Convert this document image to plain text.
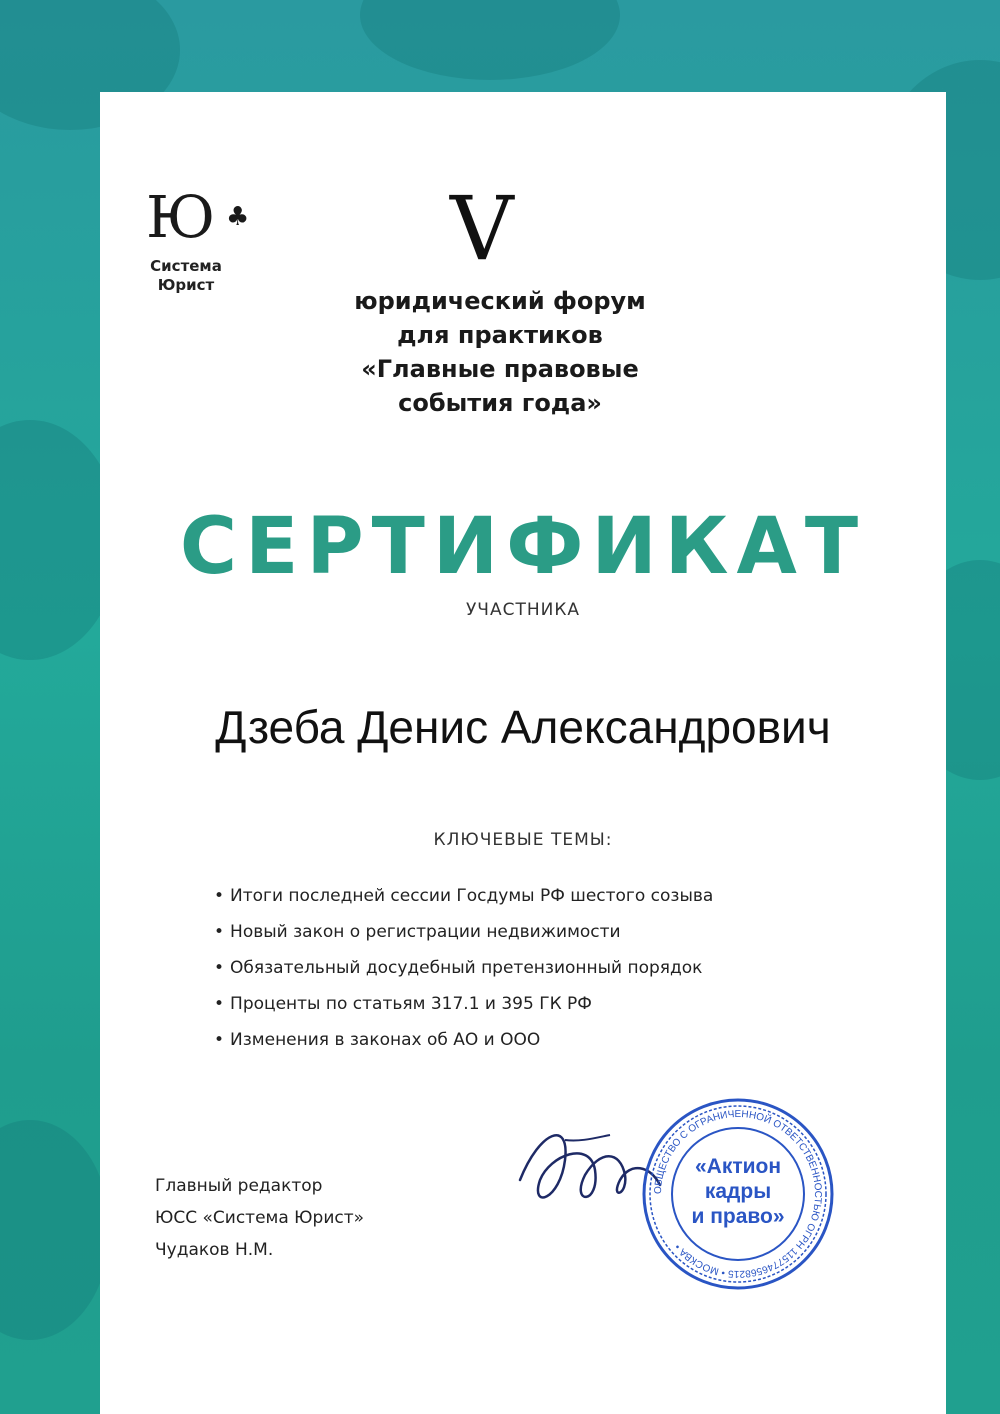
Ю ♣
Система
Юрист
V
юридический форум
для практиков
«Главные правовые
события года»
СЕРТИФИКАТ
УЧАСТНИКА
Дзеба Денис Александрович
КЛЮЧЕВЫЕ ТЕМЫ:
• Итоги последней сессии Госдумы РФ шестого созыва
• Новый закон о регистрации недвижимости
• Обязательный досудебный претензионный порядок
• Проценты по статьям 317.1 и 395 ГК РФ
• Изменения в законах об АО и ООО
Главный редактор
ЮСС «Система Юрист»
Чудаков Н.М.
ОБЩЕСТВО С ОГРАНИЧЕННОЙ ОТВЕТСТВЕННОСТЬЮ ОГРН 1157746568215 • МОСКВА •
«Актион
кадры
и право»
